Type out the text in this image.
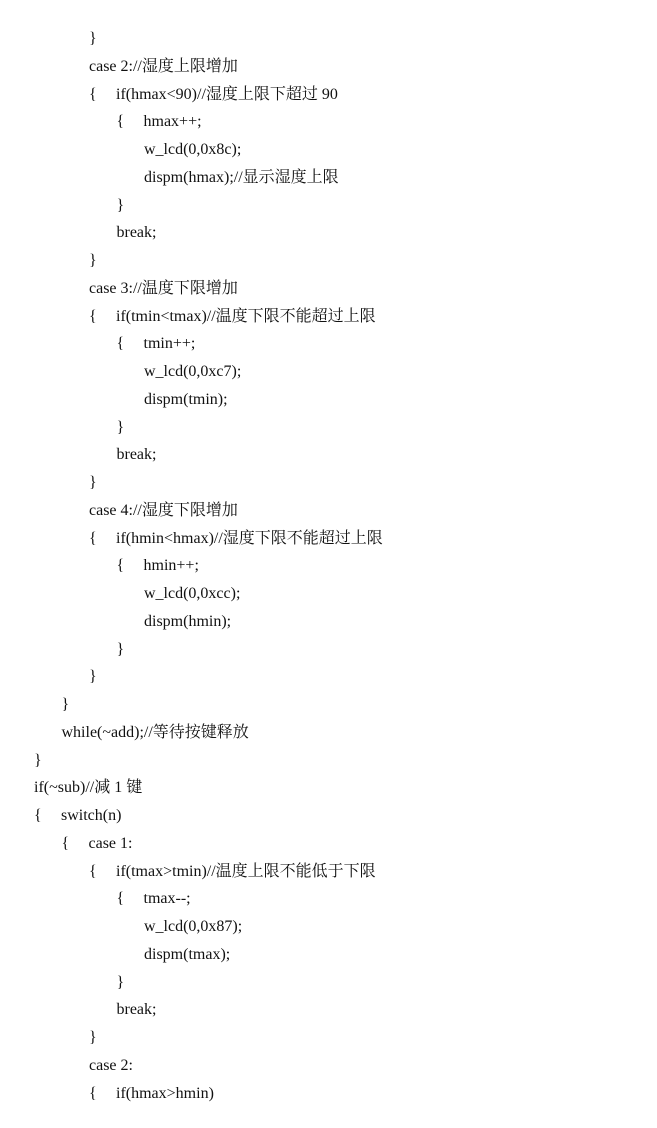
}
case 2://湿度上限增加
{ if(hmax<90)//湿度上限下超过 90
{ hmax++;
w_lcd(0,0x8c);
dispm(hmax);//显示湿度上限
}
break;
}
case 3://温度下限增加
{ if(tmin<tmax)//温度下限不能超过上限
{ tmin++;
w_lcd(0,0xc7);
dispm(tmin);
}
break;
}
case 4://湿度下限增加
{ if(hmin<hmax)//湿度下限不能超过上限
{ hmin++;
w_lcd(0,0xcc);
dispm(hmin);
}
}
}
while(~add);//等待按键释放
}
if(~sub)//减 1 键
{ switch(n)
{ case 1:
{ if(tmax>tmin)//温度上限不能低于下限
{ tmax--;
w_lcd(0,0x87);
dispm(tmax);
}
break;
}
case 2:
{ if(hmax>hmin)
